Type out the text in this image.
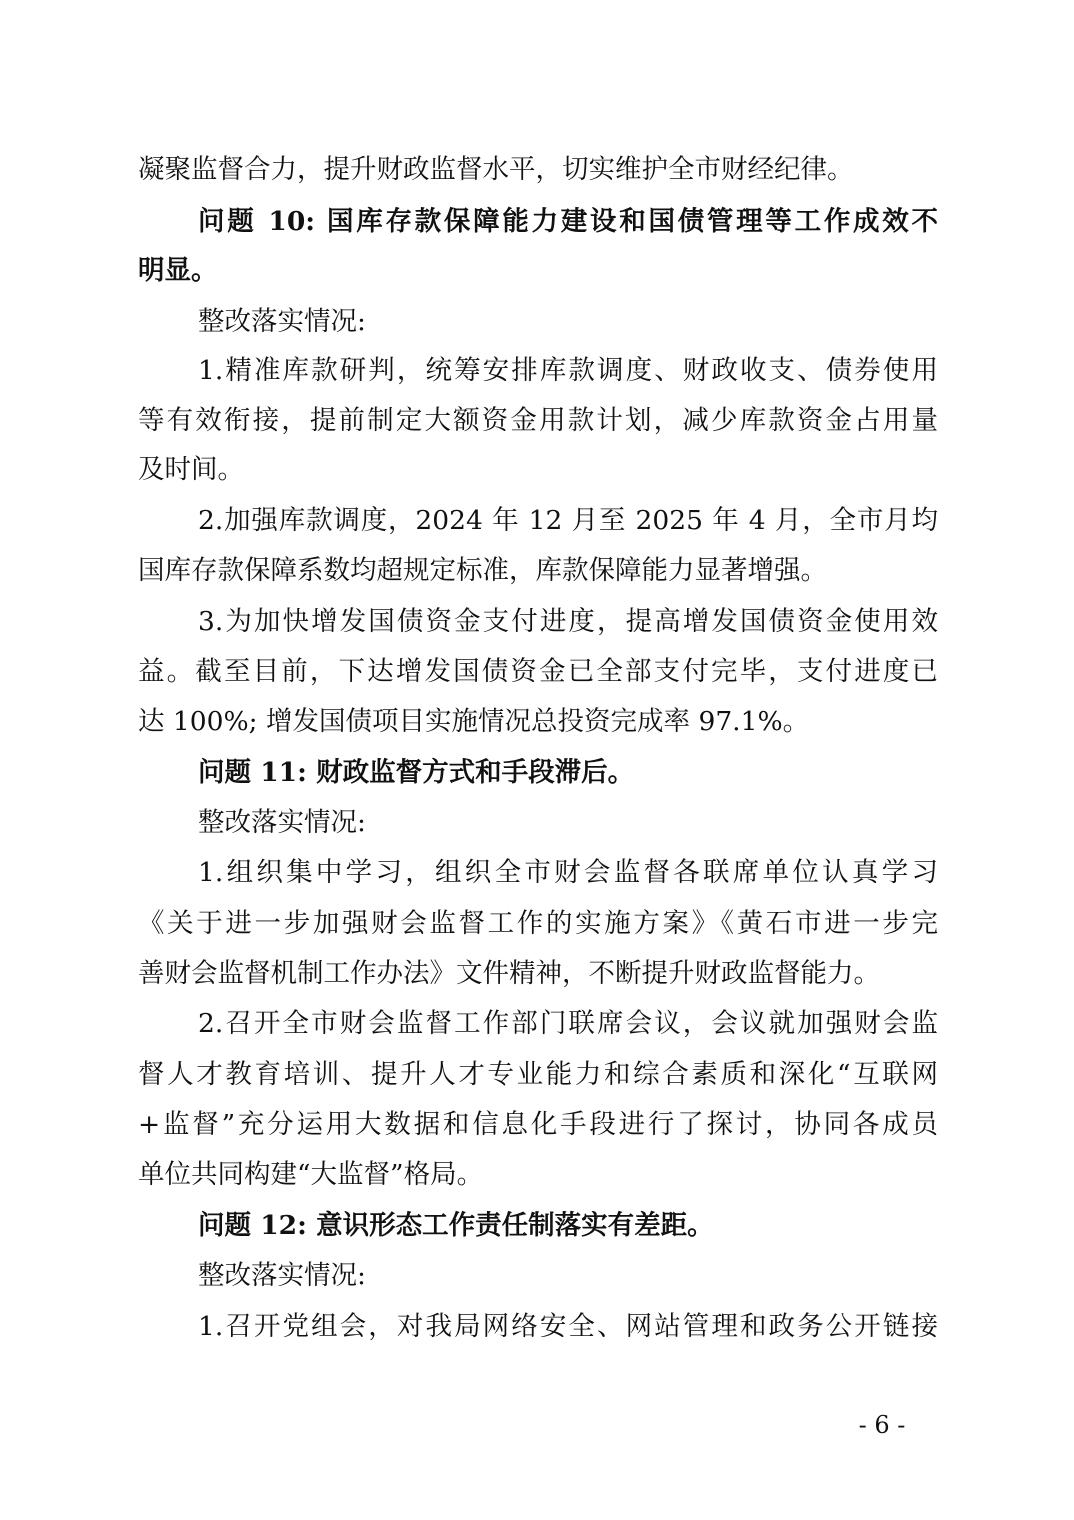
凝聚监督合力，提升财政监督水平，切实维护全市财经纪律。
问题 10: 国库存款保障能力建设和国债管理等工作成效不
明显。
整改落实情况:
1.精准库款研判，统筹安排库款调度、财政收支、债券使用
等有效衔接，提前制定大额资金用款计划，减少库款资金占用量
及时间。
2.加强库款调度，2024 年 12 月至 2025 年 4 月，全市月均
国库存款保障系数均超规定标准，库款保障能力显著增强。
3.为加快增发国债资金支付进度，提高增发国债资金使用效
益。截至目前，下达增发国债资金已全部支付完毕，支付进度已
达 100%; 增发国债项目实施情况总投资完成率 97.1%。
问题 11: 财政监督方式和手段滞后。
整改落实情况:
1.组织集中学习，组织全市财会监督各联席单位认真学习
《关于进一步加强财会监督工作的实施方案》《黄石市进一步完
善财会监督机制工作办法》文件精神，不断提升财政监督能力。
2.召开全市财会监督工作部门联席会议，会议就加强财会监
督人才教育培训、提升人才专业能力和综合素质和深化“互联网
+监督”充分运用大数据和信息化手段进行了探讨，协同各成员
单位共同构建“大监督”格局。
问题 12: 意识形态工作责任制落实有差距。
整改落实情况:
1.召开党组会，对我局网络安全、网站管理和政务公开链接
- 6 -
